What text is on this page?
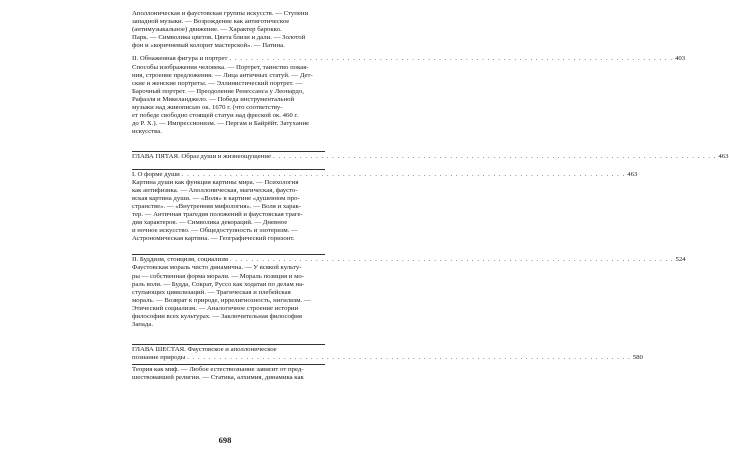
Аполлоническая и фаустовская группы искусств. — Ступени

западной музыки. — Возрождение как антиготическое

(антимузыкальное) движение. — Характер барокко.

Парк. — Символика цветов. Цвета близи и дали. — Золотой

фон и «коричневый колорит мастерской». — Патина.

II. Обнаженная фигура и портрет . . .	403

Способы изображения человека. — Портрет, таинство покая-

ния, строение предложения. — Лица античных статуй. — Дет-

ские и женские портреты. — Эллинистический портрет. —

Барочный портрет. — Преодоление Ренессанса у Леонардо,

Рафаэля и Микеланджело. — Победа инструментальной

музыки над живописью ок. 1670 г. (что соответству-

ет победе свободно стоящей статуи над фреской ок. 460 г.

до Р. Х.). — Импрессионизм. — Пергам и Байрёйт. Затухание

искусства.

ГЛАВА ПЯТАЯ. Образ души и жизнеощущение . . .	463
I. О форме души . . .	463

Картина души как функция картины мира. — Психология

как антифизика. — Аполлоническая, магическая, фаусто-

вская картина души. — «Воля» в картине «душевном про-

странстве». — «Внутренняя мифология». — Воля и харак-

тер. — Античная трагедия положений и фаустовская траге-

дия характеров. — Символика декораций. — Дневное

и ночное искусство. — Общедоступность и эзотеризм. —

Астрономическая картина. — Географический горизонт.

II. Буддизм, стоицизм, социализм . . .	524

Фаустовская мораль чисто динамична. — У всякой культу-

ры — собственная форма морали. — Мораль позиция и мо-

раль воли. — Будда, Сократ, Руссо как ходатаи по делам на-

ступающих цивилизаций. — Трагическая и плебейская

мораль. — Возврат к природе, иррелигиозность, нигилизм. —

Этический социализм. — Аналогичное строение истории

философии всех культурах. — Заключительная философия

Запада.

ГЛАВА ШЕСТАЯ. Фаустовское и аполлоническое

познание природы . . .	580

Теория как миф. — Любое естествознание зависит от пред-

шествовавшей религии. — Статика, алхимия, динамика как

698
